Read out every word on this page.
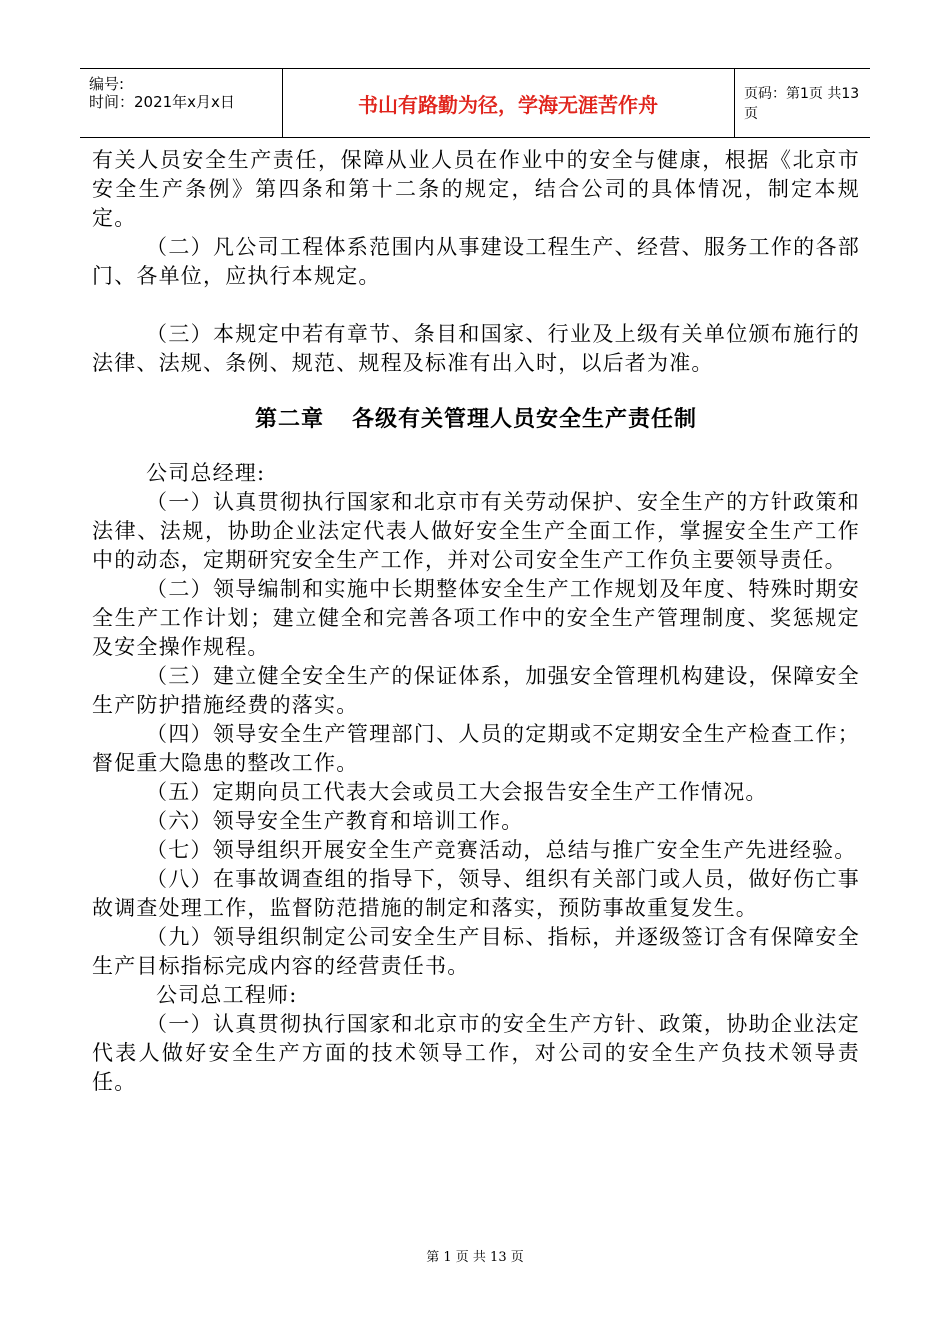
编号:
时间：2021年x月x日	书山有路勤为径，学海无涯苦作舟	页码：第1页 共13页

有关人员安全生产责任，保障从业人员在作业中的安全与健康，根据《北京市安全生产条例》第四条和第十二条的规定，结合公司的具体情况，制定本规定。

（二）凡公司工程体系范围内从事建设工程生产、经营、服务工作的各部门、各单位，应执行本规定。

（三）本规定中若有章节、条目和国家、行业及上级有关单位颁布施行的法律、法规、条例、规范、规程及标准有出入时，以后者为准。

第二章 各级有关管理人员安全生产责任制

公司总经理:

（一）认真贯彻执行国家和北京市有关劳动保护、安全生产的方针政策和法律、法规，协助企业法定代表人做好安全生产全面工作，掌握安全生产工作中的动态，定期研究安全生产工作，并对公司安全生产工作负主要领导责任。

（二）领导编制和实施中长期整体安全生产工作规划及年度、特殊时期安全生产工作计划；建立健全和完善各项工作中的安全生产管理制度、奖惩规定及安全操作规程。

（三）建立健全安全生产的保证体系，加强安全管理机构建设，保障安全生产防护措施经费的落实。

（四）领导安全生产管理部门、人员的定期或不定期安全生产检查工作；督促重大隐患的整改工作。

（五）定期向员工代表大会或员工大会报告安全生产工作情况。

（六）领导安全生产教育和培训工作。

（七）领导组织开展安全生产竞赛活动，总结与推广安全生产先进经验。

（八）在事故调查组的指导下，领导、组织有关部门或人员，做好伤亡事故调查处理工作，监督防范措施的制定和落实，预防事故重复发生。

（九）领导组织制定公司安全生产目标、指标，并逐级签订含有保障安全生产目标指标完成内容的经营责任书。

公司总工程师:

（一）认真贯彻执行国家和北京市的安全生产方针、政策，协助企业法定代表人做好安全生产方面的技术领导工作，对公司的安全生产负技术领导责任。

第 1 页 共 13 页
